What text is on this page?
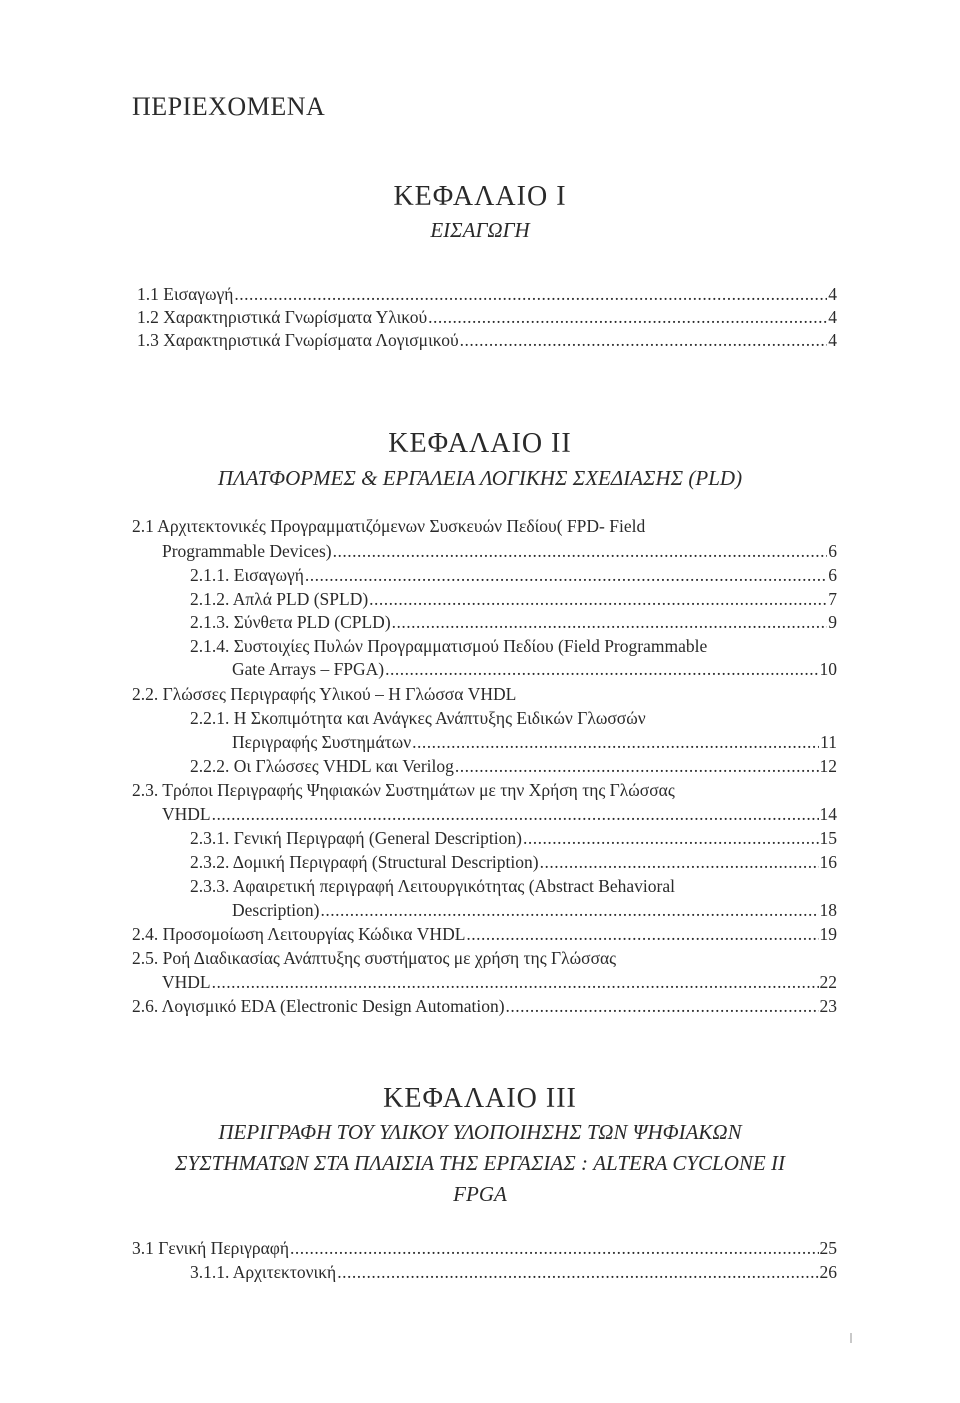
ΠΕΡΙΕΧΟΜΕΝΑ
ΚΕΦΑΛΑΙΟ Ι
ΕΙΣΑΓΩΓΗ
1.1 Εισαγωγή .....	4
1.2 Χαρακτηριστικά Γνωρίσματα Υλικού .....	4
1.3 Χαρακτηριστικά Γνωρίσματα Λογισμικού .....	4
ΚΕΦΑΛΑΙΟ ΙΙ
ΠΛΑΤΦΟΡΜΕΣ & ΕΡΓΑΛΕΙΑ ΛΟΓΙΚΗΣ ΣΧΕΔΙΑΣΗΣ (PLD)
2.1 Αρχιτεκτονικές Προγραμματιζόμενων Συσκευών Πεδίου( FPD- Field
Programmable Devices) .....	6
2.1.1. Εισαγωγή .....	6
2.1.2. Απλά PLD (SPLD) .....	7
2.1.3. Σύνθετα PLD (CPLD) .....	9
2.1.4. Συστοιχίες Πυλών Προγραμματισμού Πεδίου (Field Programmable
Gate Arrays – FPGA) .....	10
2.2. Γλώσσες Περιγραφής Υλικού – Η Γλώσσα VHDL
2.2.1. Η Σκοπιμότητα και Ανάγκες Ανάπτυξης Ειδικών Γλωσσών
Περιγραφής Συστημάτων .....	11
2.2.2. Οι Γλώσσες VHDL και Verilog .....	12
2.3. Τρόποι Περιγραφής Ψηφιακών Συστημάτων με την Χρήση της Γλώσσας
VHDL .....	14
2.3.1. Γενική Περιγραφή (General Description) .....	15
2.3.2. Δομική Περιγραφή (Structural Description) .....	16
2.3.3. Αφαιρετική περιγραφή Λειτουργικότητας (Abstract Behavioral
Description) .....	18
2.4. Προσομοίωση Λειτουργίας Κώδικα VHDL .....	19
2.5. Ροή Διαδικασίας Ανάπτυξης συστήματος με χρήση της Γλώσσας
VHDL .....	22
2.6. Λογισμικό EDA (Electronic Design Automation) .....	23
ΚΕΦΑΛΑΙΟ ΙΙΙ
ΠΕΡΙΓΡΑΦΗ ΤΟΥ ΥΛΙΚΟΥ ΥΛΟΠΟΙΗΣΗΣ ΤΩΝ ΨΗΦΙΑΚΩΝ
ΣΥΣΤΗΜΑΤΩΝ ΣΤΑ ΠΛΑΙΣΙΑ ΤΗΣ ΕΡΓΑΣΙΑΣ : ALTERA CYCLONE II
FPGA
3.1 Γενική Περιγραφή .....	25
3.1.1. Αρχιτεκτονική .....	26
